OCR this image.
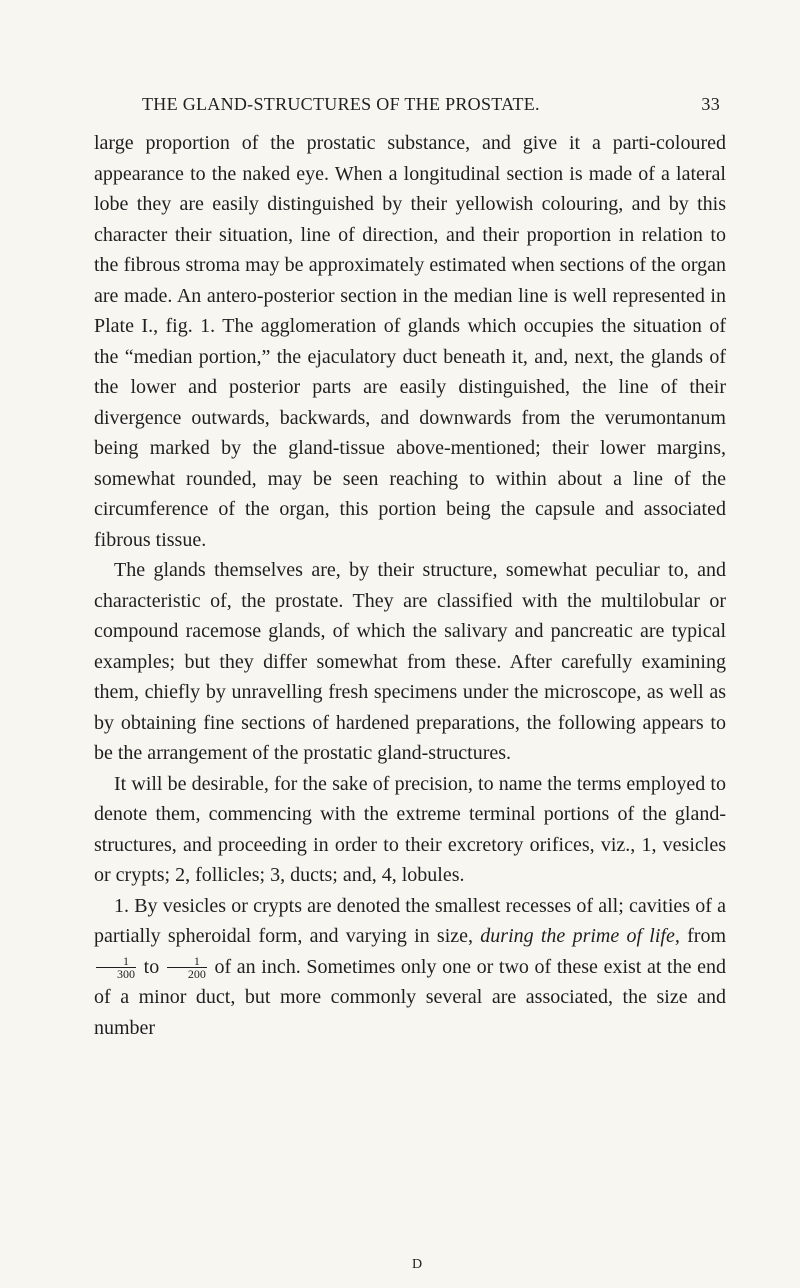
THE GLAND-STRUCTURES OF THE PROSTATE.	33

large proportion of the prostatic substance, and give it a parti-coloured appearance to the naked eye. When a longitudinal section is made of a lateral lobe they are easily distinguished by their yellowish colouring, and by this character their situation, line of direction, and their proportion in relation to the fibrous stroma may be approximately estimated when sections of the organ are made. An antero-posterior section in the median line is well represented in Plate I., fig. 1. The agglomeration of glands which occupies the situation of the “median portion,” the ejaculatory duct beneath it, and, next, the glands of the lower and posterior parts are easily distinguished, the line of their divergence outwards, backwards, and downwards from the verumontanum being marked by the gland-tissue above-mentioned; their lower margins, somewhat rounded, may be seen reaching to within about a line of the circumference of the organ, this portion being the capsule and associated fibrous tissue.

The glands themselves are, by their structure, somewhat peculiar to, and characteristic of, the prostate. They are classified with the multilobular or compound racemose glands, of which the salivary and pancreatic are typical examples; but they differ somewhat from these. After carefully examining them, chiefly by unravelling fresh specimens under the microscope, as well as by obtaining fine sections of hardened preparations, the following appears to be the arrangement of the prostatic gland-structures.

It will be desirable, for the sake of precision, to name the terms employed to denote them, commencing with the extreme terminal portions of the gland-structures, and proceeding in order to their excretory orifices, viz., 1, vesicles or crypts; 2, follicles; 3, ducts; and, 4, lobules.

1. By vesicles or crypts are denoted the smallest recesses of all; cavities of a partially spheroidal form, and varying in size, during the prime of life, from
$\frac{1}{300}$ to $\frac{1}{200}$ of an inch. Sometimes only one or two of these exist at the end of a minor duct, but more commonly several are associated, the size and number

D
